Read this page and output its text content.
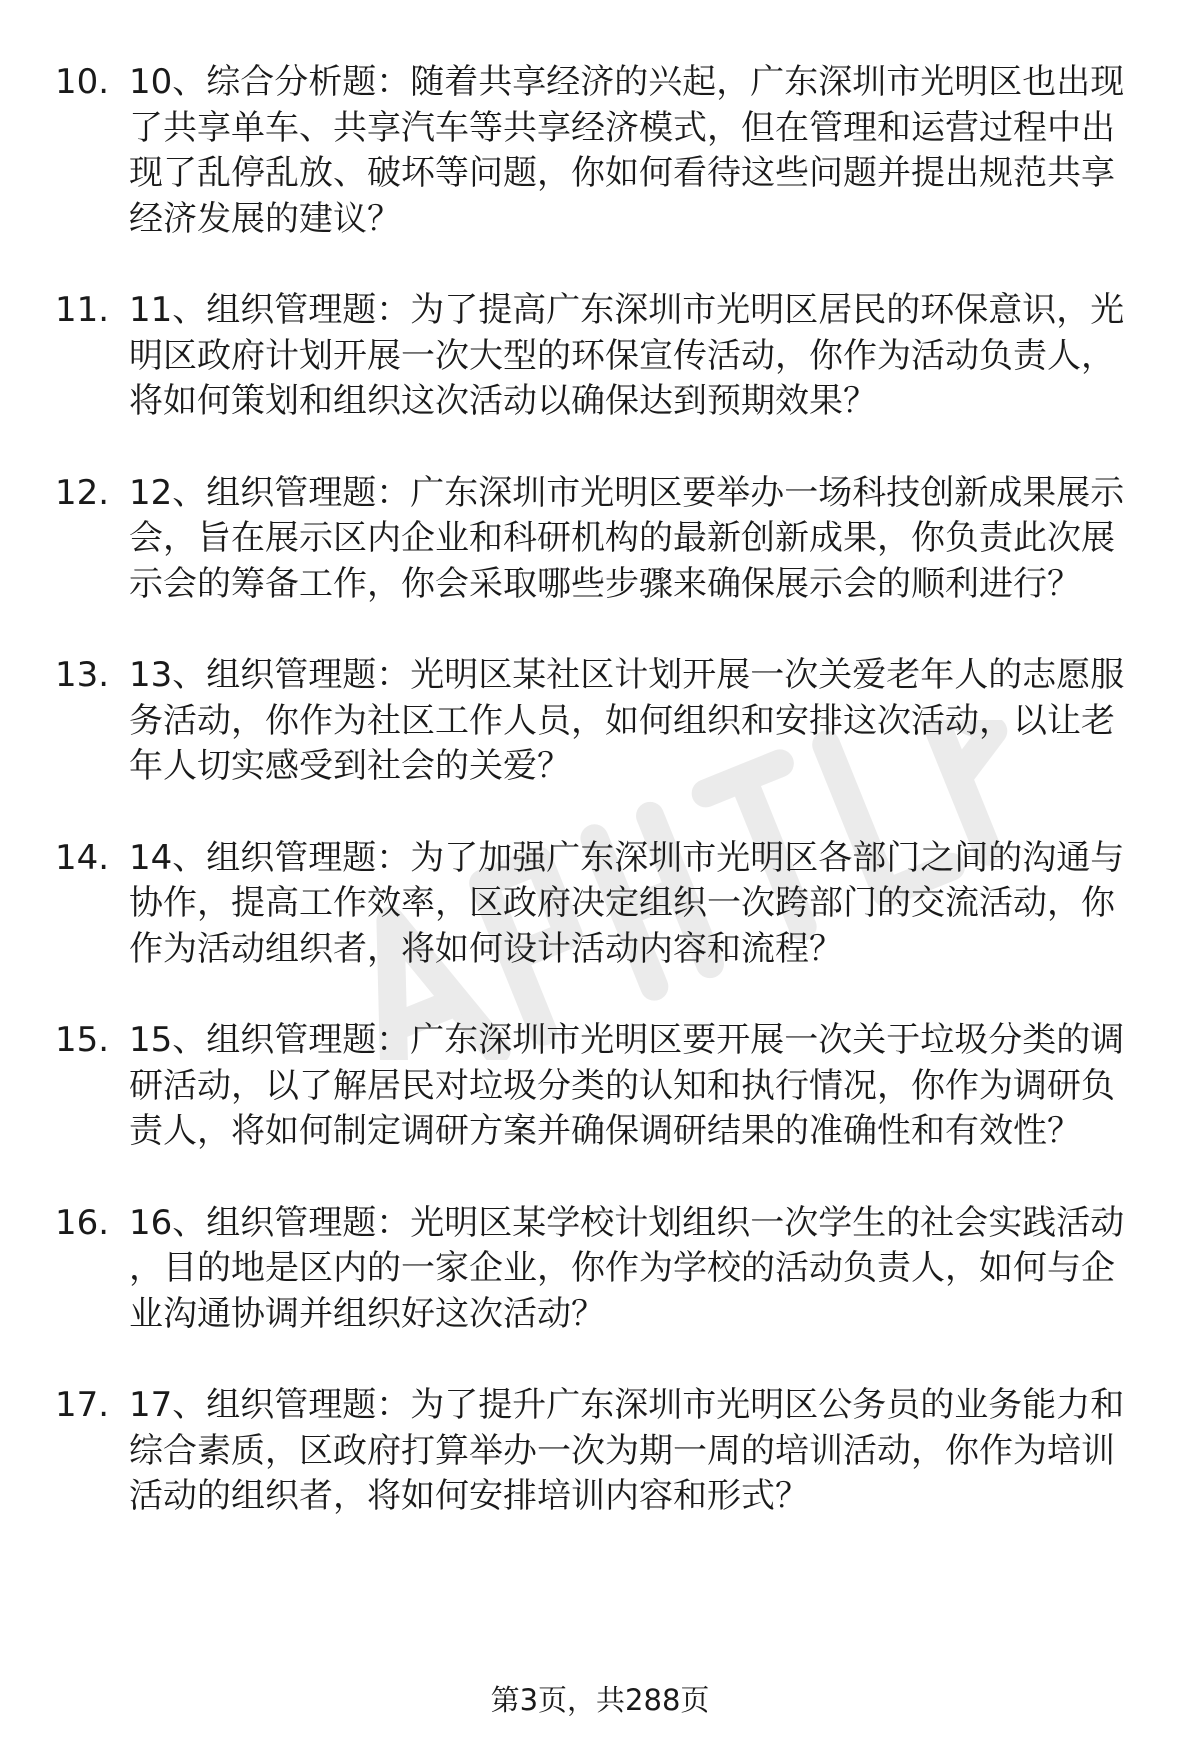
10. 10、综合分析题：随着共享经济的兴起，广东深圳市光明区也出现了共享单车、共享汽车等共享经济模式，但在管理和运营过程中出现了乱停乱放、破坏等问题，你如何看待这些问题并提出规范共享经济发展的建议？
11. 11、组织管理题：为了提高广东深圳市光明区居民的环保意识，光明区政府计划开展一次大型的环保宣传活动，你作为活动负责人，将如何策划和组织这次活动以确保达到预期效果？
12. 12、组织管理题：广东深圳市光明区要举办一场科技创新成果展示会，旨在展示区内企业和科研机构的最新创新成果，你负责此次展示会的筹备工作，你会采取哪些步骤来确保展示会的顺利进行？
13. 13、组织管理题：光明区某社区计划开展一次关爱老年人的志愿服务活动，你作为社区工作人员，如何组织和安排这次活动，以让老年人切实感受到社会的关爱？
14. 14、组织管理题：为了加强广东深圳市光明区各部门之间的沟通与协作，提高工作效率，区政府决定组织一次跨部门的交流活动，你作为活动组织者，将如何设计活动内容和流程？
15. 15、组织管理题：广东深圳市光明区要开展一次关于垃圾分类的调研活动，以了解居民对垃圾分类的认知和执行情况，你作为调研负责人，将如何制定调研方案并确保调研结果的准确性和有效性？
16. 16、组织管理题：光明区某学校计划组织一次学生的社会实践活动，目的地是区内的一家企业，你作为学校的活动负责人，如何与企业沟通协调并组织好这次活动？
17. 17、组织管理题：为了提升广东深圳市光明区公务员的业务能力和综合素质，区政府打算举办一次为期一周的培训活动，你作为培训活动的组织者，将如何安排培训内容和形式？
第3页，共288页
